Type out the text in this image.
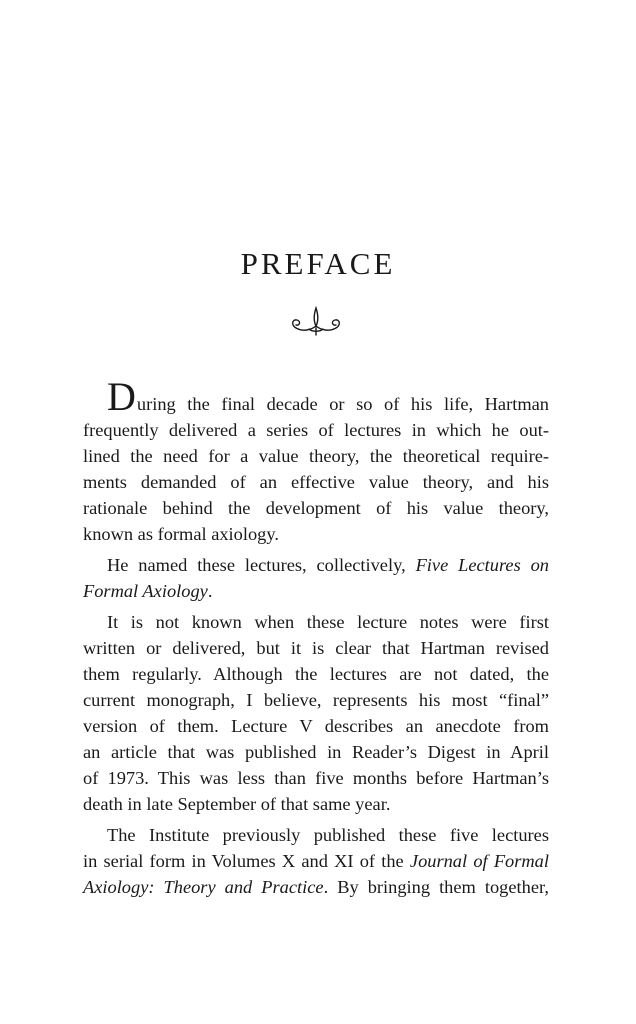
PREFACE

During the final decade or so of his life, Hartman
frequently delivered a series of lectures in which he out-
lined the need for a value theory, the theoretical require-
ments demanded of an effective value theory, and his
rationale behind the development of his value theory,
known as formal axiology.

He named these lectures, collectively, Five Lectures on
Formal Axiology.

It is not known when these lecture notes were first
written or delivered, but it is clear that Hartman revised
them regularly. Although the lectures are not dated, the
current monograph, I believe, represents his most “final”
version of them. Lecture V describes an anecdote from
an article that was published in Reader’s Digest in April
of 1973. This was less than five months before Hartman’s
death in late September of that same year.

The Institute previously published these five lectures
in serial form in Volumes X and XI of the Journal of Formal
Axiology: Theory and Practice. By bringing them together,
